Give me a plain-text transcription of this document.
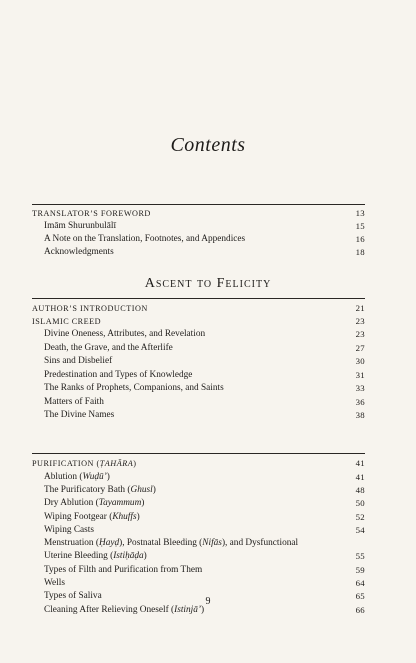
Contents
TRANSLATOR’S FOREWORD	13
Imām Shurunbulālī	15
A Note on the Translation, Footnotes, and Appendices	16
Acknowledgments	18
Ascent to Felicity
AUTHOR’S INTRODUCTION	21
ISLAMIC CREED	23
Divine Oneness, Attributes, and Revelation	23
Death, the Grave, and the Afterlife	27
Sins and Disbelief	30
Predestination and Types of Knowledge	31
The Ranks of Prophets, Companions, and Saints	33
Matters of Faith	36
The Divine Names	38
PURIFICATION (ṬAHĀRA)	41
Ablution (Wuḍū’)	41
The Purificatory Bath (Ghusl)	48
Dry Ablution (Tayammum)	50
Wiping Footgear (Khuffs)	52
Wiping Casts	54
Menstruation (Ḥayḍ), Postnatal Bleeding (Nifās), and Dysfunctional
Uterine Bleeding (Istiḥāḍa)	55
Types of Filth and Purification from Them	59
Wells	64
Types of Saliva	65
Cleaning After Relieving Oneself (Istinjā’)	66
9
